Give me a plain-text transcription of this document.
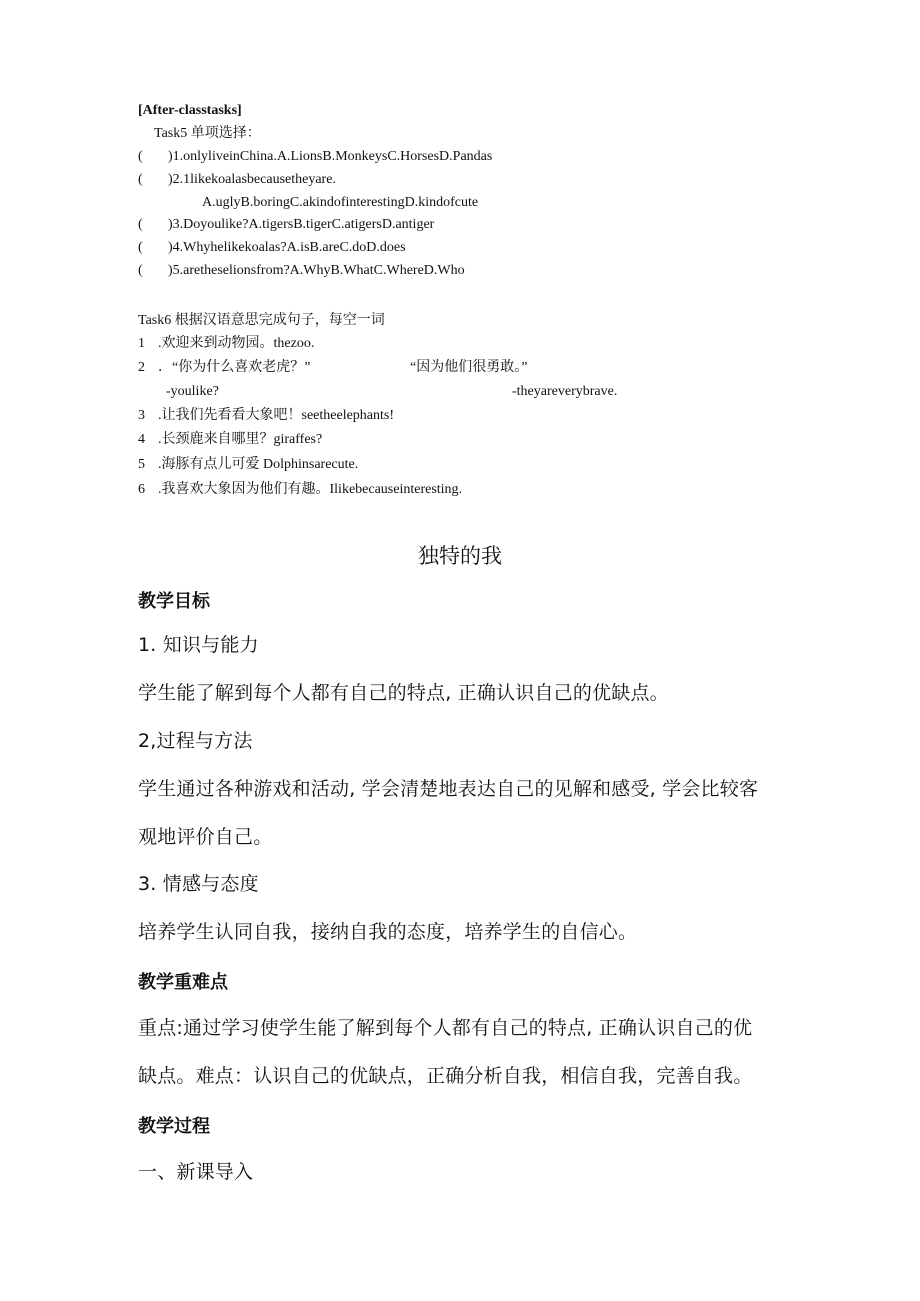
[After-classtasks]
Task5 单项选择：
( )1.onlyliveinChina.A.LionsB.MonkeysC.HorsesD.Pandas
( )2.1likekoalasbecausetheyare.
A.uglyB.boringC.akindofinterestingD.kindofcute
( )3.Doyoulike?A.tigersB.tigerC.atigersD.antiger
( )4.Whyhelikekoalas?A.isB.areC.doD.does
( )5.aretheselionsfrom?A.WhyB.WhatC.WhereD.Who
Task6 根据汉语意思完成句子，每空一词
1 .欢迎来到动物园。thezoo.
2 ．“你为什么喜欢老虎？”	“因为他们很勇敢。”
-youlike?	-theyareverybrave.
3 .让我们先看看大象吧！seetheelephants!
4 .长颈鹿来自哪里？giraffes?
5 .海豚有点儿可爱 Dolphinsarecute.
6 .我喜欢大象因为他们有趣。Ilikebecauseinteresting.
独特的我
教学目标
1. 知识与能力
学生能了解到每个人都有自己的特点, 正确认识自己的优缺点。
2,过程与方法
学生通过各种游戏和活动, 学会清楚地表达自己的见解和感受, 学会比较客
观地评价自己。
3. 情感与态度
培养学生认同自我，接纳自我的态度，培养学生的自信心。
教学重难点
重点:通过学习使学生能了解到每个人都有自己的特点, 正确认识自己的优
缺点。难点：认识自己的优缺点，正确分析自我，相信自我，完善自我。
教学过程
一、新课导入
